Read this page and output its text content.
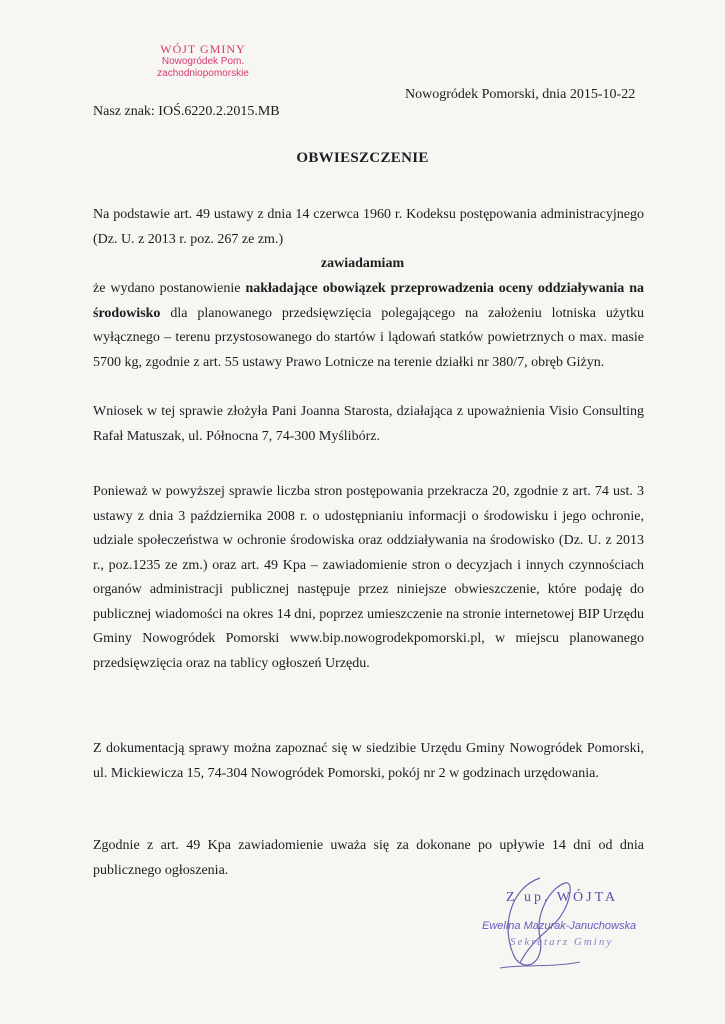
WÓJT GMINY
Nowogródek Pom.
zachodniopomorskie
Nasz znak: IOŚ.6220.2.2015.MB
Nowogródek Pomorski, dnia 2015-10-22
OBWIESZCZENIE
Na podstawie art. 49 ustawy z dnia 14 czerwca 1960 r. Kodeksu postępowania administracyjnego (Dz. U. z 2013 r. poz. 267 ze zm.)
zawiadamiam
że wydano postanowienie nakładające obowiązek przeprowadzenia oceny oddziaływania na środowisko dla planowanego przedsięwzięcia polegającego na założeniu lotniska użytku wyłącznego – terenu przystosowanego do startów i lądowań statków powietrznych o max. masie 5700 kg, zgodnie z art. 55 ustawy Prawo Lotnicze na terenie działki nr 380/7, obręb Giżyn.
Wniosek w tej sprawie złożyła Pani Joanna Starosta, działająca z upoważnienia Visio Consulting Rafał Matuszak, ul. Północna 7, 74-300 Myślibórz.
Ponieważ w powyższej sprawie liczba stron postępowania przekracza 20, zgodnie z art. 74 ust. 3 ustawy z dnia 3 października 2008 r. o udostępnianiu informacji o środowisku i jego ochronie, udziale społeczeństwa w ochronie środowiska oraz oddziaływania na środowisko (Dz. U. z 2013 r., poz.1235 ze zm.) oraz art. 49 Kpa – zawiadomienie stron o decyzjach i innych czynnościach organów administracji publicznej następuje przez niniejsze obwieszczenie, które podaję do publicznej wiadomości na okres 14 dni, poprzez umieszczenie na stronie internetowej BIP Urzędu Gminy Nowogródek Pomorski www.bip.nowogrodekpomorski.pl, w miejscu planowanego przedsięwzięcia oraz na tablicy ogłoszeń Urzędu.
Z dokumentacją sprawy można zapoznać się w siedzibie Urzędu Gminy Nowogródek Pomorski, ul. Mickiewicza 15, 74-304 Nowogródek Pomorski, pokój nr 2 w godzinach urzędowania.
Zgodnie z art. 49 Kpa zawiadomienie uważa się za dokonane po upływie 14 dni od dnia publicznego ogłoszenia.
Z up. WÓJTA
Ewelina Mazurak-Januchowska
Sekretarz Gminy
